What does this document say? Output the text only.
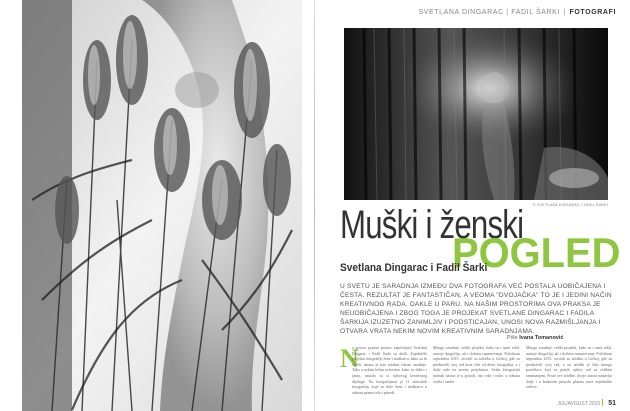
SVETLANA DINGARAC | FADIL ŠARKI | FOTOGRAFI
© SVETLANA DINGARAC I FADIL ŠARKI
Muški i ženski
POGLED
Svetlana Dingarac i Fadil Šarki
U SVETU JE SARADNJA IZMEĐU DVA FOTOGRAFA VEĆ POSTALA UOBIČAJENA I ČESTA. REZULTAT JE FANTASTIČAN, A VEOMA "DVOJAČKA" TO JE I JEDINI NAČIN KREATIVNOG RADA, DAKLE U PARU. NA NAŠIM PROSTORIMA OVA PRAKSA JE NEUOBIČAJENA I ZBOG TOGA JE PROJEKAT SVETLANE DINGARAC I FADILA ŠARKIJA IZUZETNO ZANIMLJIV I PODSTICAJAN, UNOSI NOVA RAZMIŠLJANJA I OTVARA VRATA NEKIM NOVIM KREATIVNIM SARADNJAMA.
Piše Ivana Tomanović
N
a gotovo prazan prostor započinjući Svetlana Dingarac i Fadil Šarki su došli. Zajednički projekat fotografije žene i muškarca, kako su ih videli, nastao je kao rezultat tokom saradnje. Tako u uskim lošim uslovima, kako su dobro i jasno, nastala su iz njihovog kreativnog dijaloga. Na fotografijama je 11 autorskih fotografija, koje su delo žene i muškarca u odnosu prema telu i prirodi.
Mnogo saradnje, veliki projekti, kako su i sami rekli, nastoje drugačiju, ali i složenu razumevanje. Početkom septembra 2015. otvorili su izložbu u Grčkoj, gde su predstavili svoj rad kroz više od deset fotografija, a i dalje rade na novim projektima. Svaki fotografski snimak nastao je u prirodi, oko reke i trske, u odnosu svetla i senke.
Mnogo saradnje, veliki projekti, kako su i sami rekli, nastoje drugačiju, ali i složenu razumevanje. Početkom septembra 2015. otvorili su izložbu u Grčkoj, gde su predstavili svoj rad, a na izložbi je bilo mnogo posetilaca koji su pratili njihov rad sa velikim zanimanjem. Posle ove izložbe, dvoje autora nastavlja dalje i u budućem periodu planira nove zajedničke radove.
JUL/AVGUST 2015 51
